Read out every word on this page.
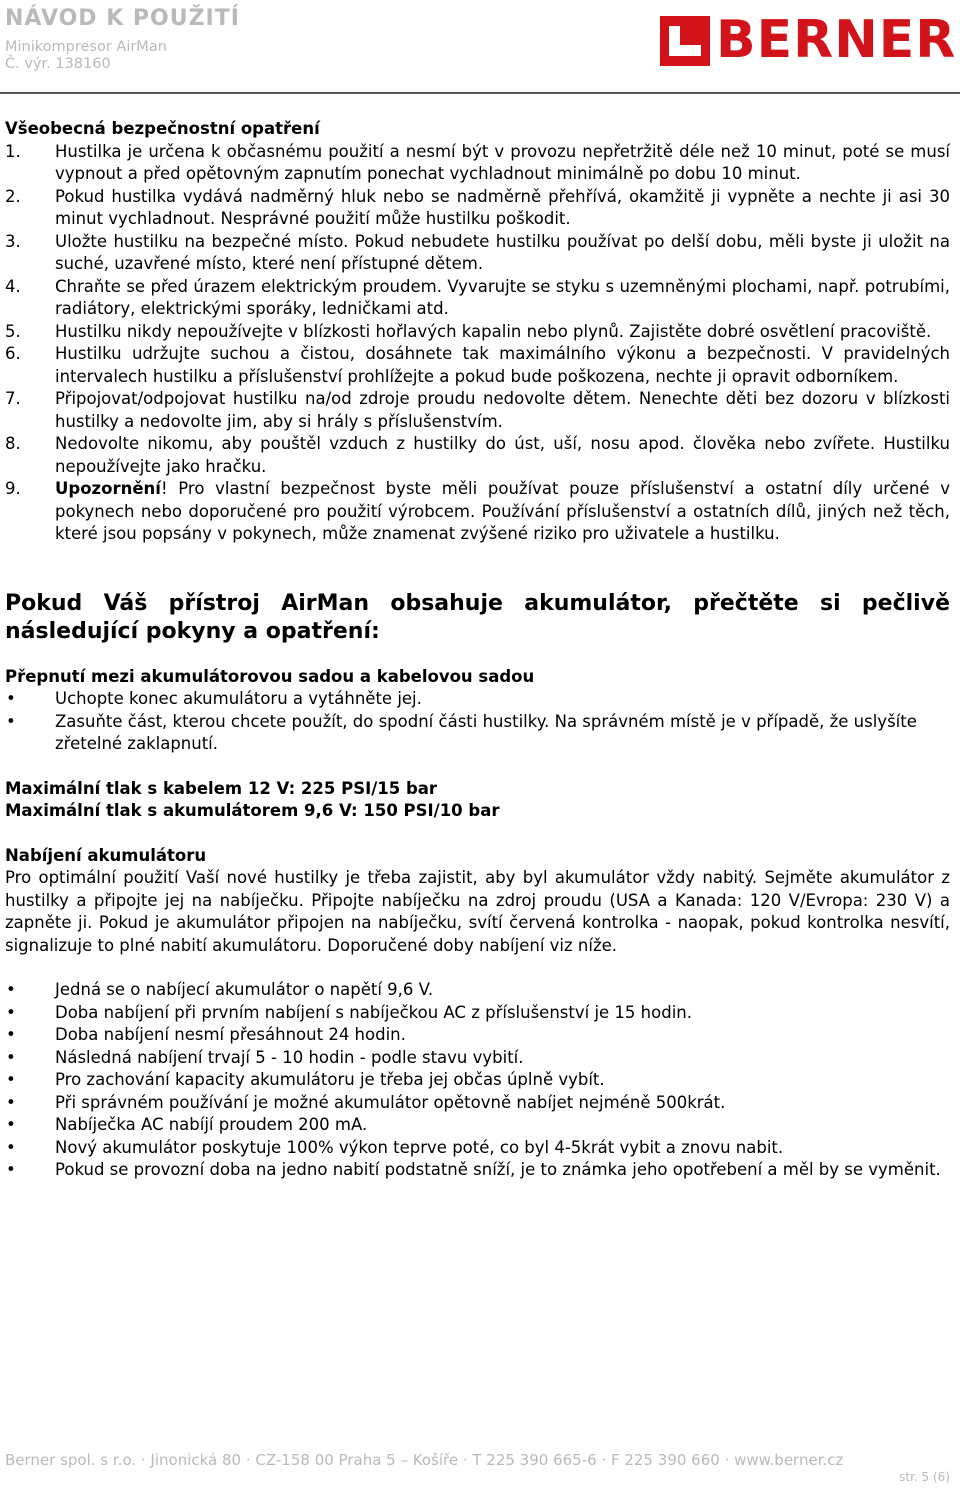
NÁVOD K POUŽITÍ
Minikompresor AirMan
Č. výr. 138160	BERNER

Všeobecná bezpečnostní opatření

1. Hustilka je určena k občasnému použití a nesmí být v provozu nepřetržitě déle než 10 minut, poté se musí vypnout a před opětovným zapnutím ponechat vychladnout minimálně po dobu 10 minut.
2. Pokud hustilka vydává nadměrný hluk nebo se nadměrně přehřívá, okamžitě ji vypněte a nechte ji asi 30 minut vychladnout. Nesprávné použití může hustilku poškodit.
3. Uložte hustilku na bezpečné místo. Pokud nebudete hustilku používat po delší dobu, měli byste ji uložit na suché, uzavřené místo, které není přístupné dětem.
4. Chraňte se před úrazem elektrickým proudem. Vyvarujte se styku s uzemněnými plochami, např. potrubími, radiátory, elektrickými sporáky, ledničkami atd.
5. Hustilku nikdy nepoužívejte v blízkosti hořlavých kapalin nebo plynů. Zajistěte dobré osvětlení pracoviště.
6. Hustilku udržujte suchou a čistou, dosáhnete tak maximálního výkonu a bezpečnosti. V pravidelných intervalech hustilku a příslušenství prohlížejte a pokud bude poškozena, nechte ji opravit odborníkem.
7. Připojovat/odpojovat hustilku na/od zdroje proudu nedovolte dětem. Nenechte děti bez dozoru v blízkosti hustilky a nedovolte jim, aby si hrály s příslušenstvím.
8. Nedovolte nikomu, aby pouštěl vzduch z hustilky do úst, uší, nosu apod. člověka nebo zvířete. Hustilku nepoužívejte jako hračku.
9. Upozornění! Pro vlastní bezpečnost byste měli používat pouze příslušenství a ostatní díly určené v pokynech nebo doporučené pro použití výrobcem. Používání příslušenství a ostatních dílů, jiných než těch, které jsou popsány v pokynech, může znamenat zvýšené riziko pro uživatele a hustilku.

Pokud Váš přístroj AirMan obsahuje akumulátor, přečtěte si pečlivě následující pokyny a opatření:

Přepnutí mezi akumulátorovou sadou a kabelovou sadou

• Uchopte konec akumulátoru a vytáhněte jej.
• Zasuňte část, kterou chcete použít, do spodní části hustilky. Na správném místě je v případě, že uslyšíte zřetelné zaklapnutí.

Maximální tlak s kabelem 12 V: 225 PSI/15 bar

Maximální tlak s akumulátorem 9,6 V: 150 PSI/10 bar

Nabíjení akumulátoru

Pro optimální použití Vaší nové hustilky je třeba zajistit, aby byl akumulátor vždy nabitý. Sejměte akumulátor z hustilky a připojte jej na nabíječku. Připojte nabíječku na zdroj proudu (USA a Kanada: 120 V/Evropa: 230 V) a zapněte ji. Pokud je akumulátor připojen na nabíječku, svítí červená kontrolka - naopak, pokud kontrolka nesvítí, signalizuje to plné nabití akumulátoru. Doporučené doby nabíjení viz níže.

• Jedná se o nabíjecí akumulátor o napětí 9,6 V.
• Doba nabíjení při prvním nabíjení s nabíječkou AC z příslušenství je 15 hodin.
• Doba nabíjení nesmí přesáhnout 24 hodin.
• Následná nabíjení trvají 5 - 10 hodin - podle stavu vybití.
• Pro zachování kapacity akumulátoru je třeba jej občas úplně vybít.
• Při správném používání je možné akumulátor opětovně nabíjet nejméně 500krát.
• Nabíječka AC nabíjí proudem 200 mA.
• Nový akumulátor poskytuje 100% výkon teprve poté, co byl 4-5krát vybit a znovu nabit.
• Pokud se provozní doba na jedno nabití podstatně sníží, je to známka jeho opotřebení a měl by se vyměnit.
Berner spol. s r.o. · Jinonická 80 · CZ-158 00 Praha 5 – Košíře · T 225 390 665-6 · F 225 390 660 · www.berner.cz
str. 5 (6)
